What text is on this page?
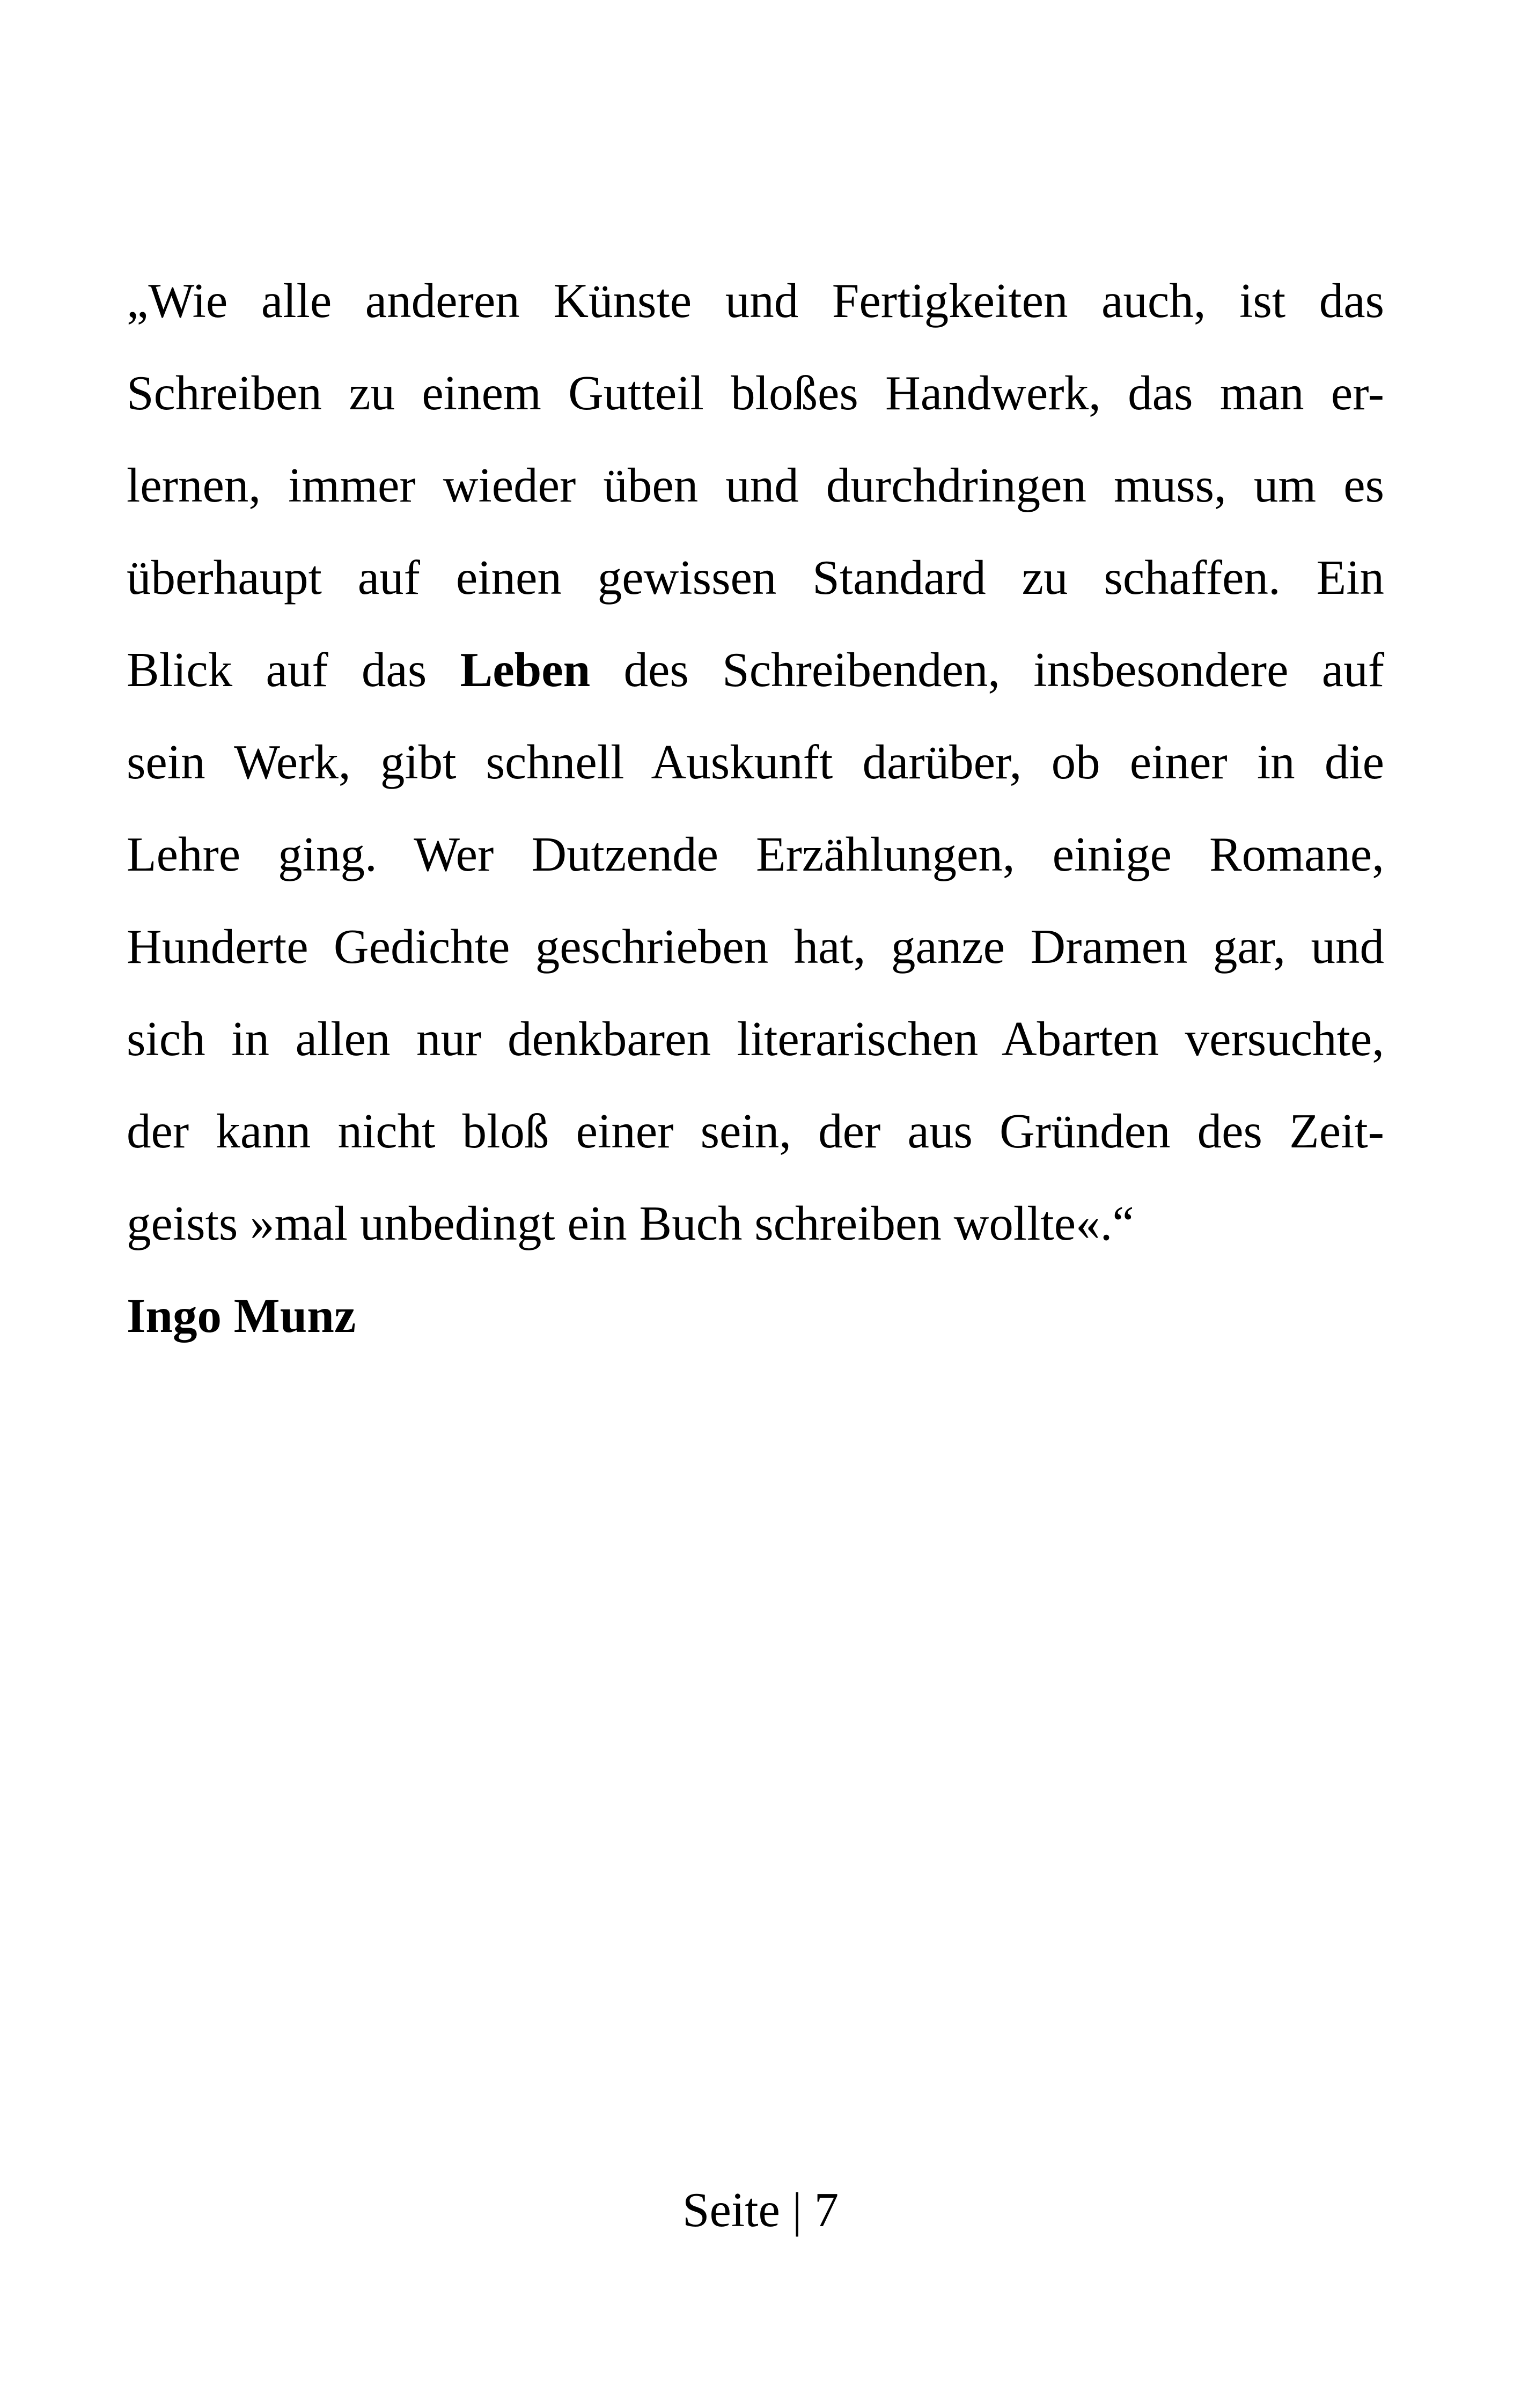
„Wie alle anderen Künste und Fertigkeiten auch, ist das
Schreiben zu einem Gutteil bloßes Handwerk, das man er-
lernen, immer wieder üben und durchdringen muss, um es
überhaupt auf einen gewissen Standard zu schaffen. Ein
Blick auf das Leben des Schreibenden, insbesondere auf
sein Werk, gibt schnell Auskunft darüber, ob einer in die
Lehre ging. Wer Dutzende Erzählungen, einige Romane,
Hunderte Gedichte geschrieben hat, ganze Dramen gar, und
sich in allen nur denkbaren literarischen Abarten versuchte,
der kann nicht bloß einer sein, der aus Gründen des Zeit-
geists »mal unbedingt ein Buch schreiben wollte«.“
Ingo Munz
Seite | 7
